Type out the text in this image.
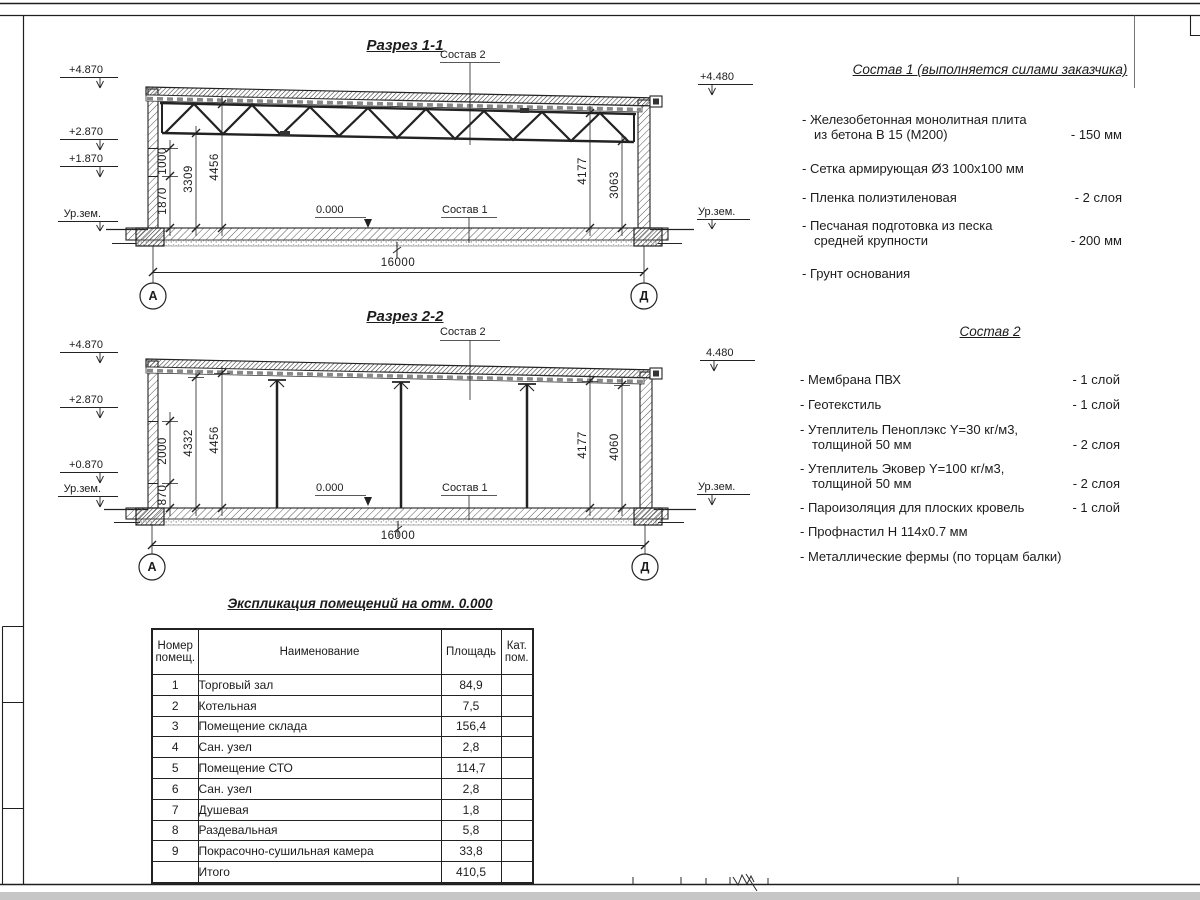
Разрез 1-1
Состав 2
0.000	Состав 1
+4.870
+2.870
+1.870
Ур.зем.
+4.480
Ур.зем.
1000
1870
3309 4456	4177
3063
16000
А	Д
Разрез 2-2
Состав 2
0.000	Состав 1
+4.870
+2.870
+0.870
Ур.зем.
4.480
Ур.зем.
2000
870
4332 4456	4177 4060
16000
А	Д
Состав 1 (выполняется силами заказчика)
- Железобетонная монолитная плита
из бетона В 15 (М200)	- 150 мм
- Сетка армирующая Ø3 100х100 мм
- Пленка полиэтиленовая	- 2 слоя
- Песчаная подготовка из песка
средней крупности	- 200 мм
- Грунт основания
Состав 2
- Мембрана ПВХ	- 1 слой
- Геотекстиль	- 1 слой
- Утеплитель Пеноплэкс Y=30 кг/м3,
толщиной 50 мм	- 2 слоя
- Утеплитель Эковер Y=100 кг/м3,
толщиной 50 мм	- 2 слоя
- Пароизоляция для плоских кровель	- 1 слой
- Профнастил Н 114х0.7 мм
- Металлические фермы (по торцам балки)
Экспликация помещений на отм. 0.000
Номер
помещ.	Наименование	Площадь	Кат.
пом.

1	Торговый зал	84,9	
2	Котельная	7,5	
3	Помещение склада	156,4	
4	Сан. узел	2,8	
5	Помещение СТО	114,7	
6	Сан. узел	2,8	
7	Душевая	1,8	
8	Раздевальная	5,8	
9	Покрасочно-сушильная камера	33,8	
	Итого	410,5	
